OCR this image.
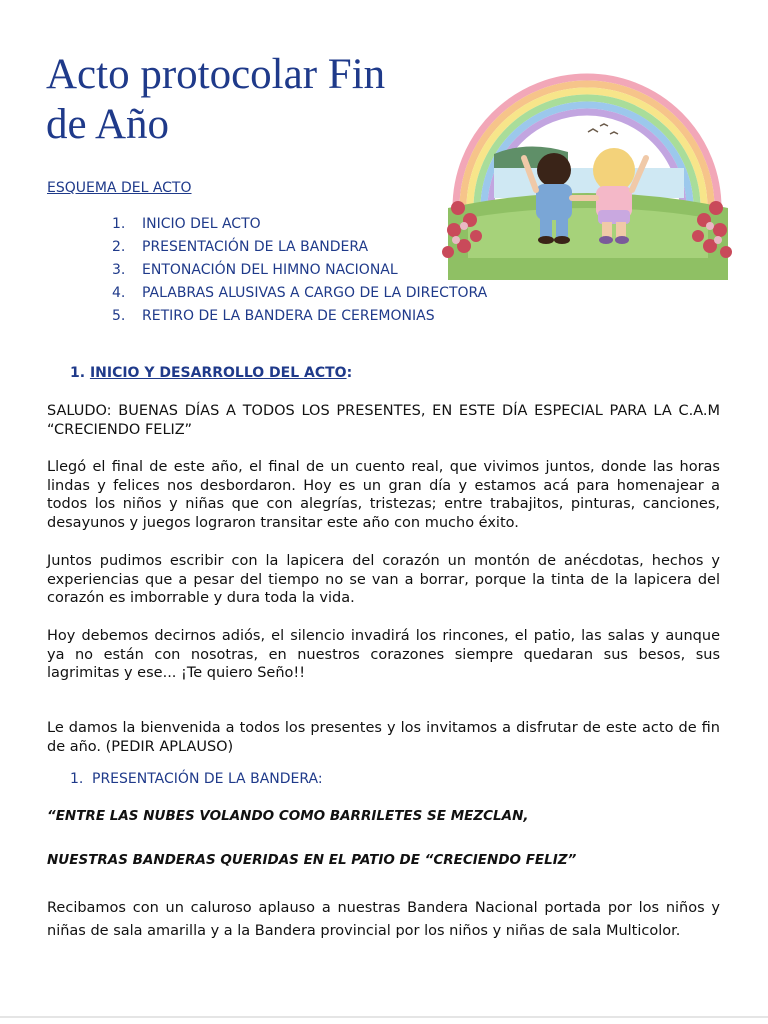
Acto protocolar Fin
de Año
ESQUEMA DEL ACTO
1. INICIO DEL ACTO
2. PRESENTACIÓN DE LA BANDERA
3. ENTONACIÓN DEL HIMNO NACIONAL
4. PALABRAS ALUSIVAS A CARGO DE LA DIRECTORA
5. RETIRO DE LA BANDERA DE CEREMONIAS
1. INICIO Y DESARROLLO DEL ACTO:

SALUDO: BUENAS DÍAS A TODOS LOS PRESENTES, EN ESTE DÍA ESPECIAL PARA LA C.A.M “CRECIENDO FELIZ”

Llegó el final de este año, el final de un cuento real, que vivimos juntos, donde las horas lindas y felices nos desbordaron. Hoy es un gran día y estamos acá para homenajear a todos los niños y niñas que con alegrías, tristezas; entre trabajitos, pinturas, canciones, desayunos y juegos lograron transitar este año con mucho éxito.

Juntos pudimos escribir con la lapicera del corazón un montón de anécdotas, hechos y experiencias que a pesar del tiempo no se van a borrar, porque la tinta de la lapicera del corazón es imborrable y dura toda la vida.

Hoy debemos decirnos adiós, el silencio invadirá los rincones, el patio, las salas y aunque ya no están con nosotras, en nuestros corazones siempre quedaran sus besos, sus lagrimitas y ese... ¡Te quiero Seño!!

Le damos la bienvenida a todos los presentes y los invitamos a disfrutar de este acto de fin de año. (PEDIR APLAUSO)

1. PRESENTACIÓN DE LA BANDERA:

“ENTRE LAS NUBES VOLANDO COMO BARRILETES SE MEZCLAN,

NUESTRAS BANDERAS QUERIDAS EN EL PATIO DE “CRECIENDO FELIZ”

Recibamos con un caluroso aplauso a nuestras Bandera Nacional portada por los niños y niñas de sala amarilla y a la Bandera provincial por los niños y niñas de sala Multicolor.
